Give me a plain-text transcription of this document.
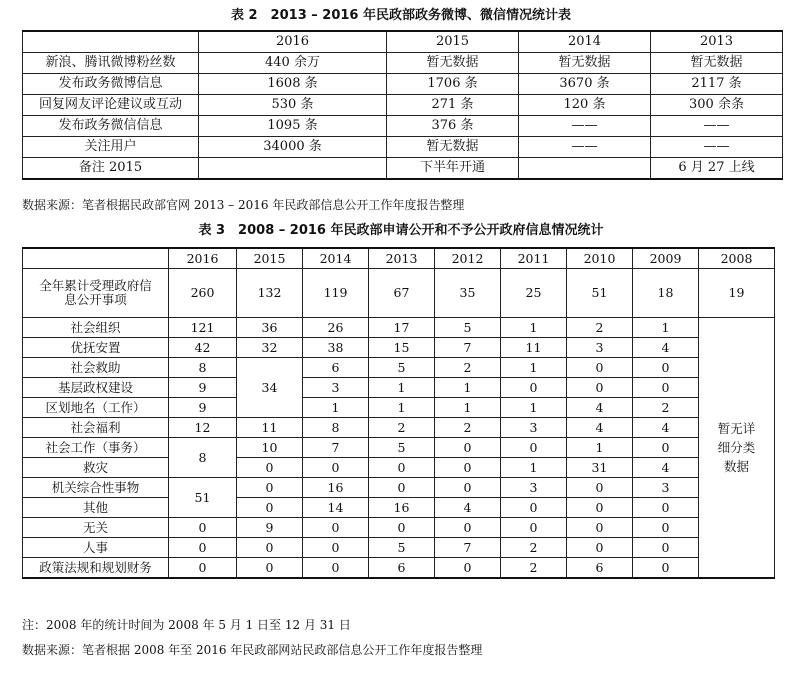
表 2　2013 – 2016 年民政部政务微博、微信情况统计表
	2016	2015	2014	2013
新浪、腾讯微博粉丝数	440 余万	暂无数据	暂无数据	暂无数据
发布政务微博信息	1608 条	1706 条	3670 条	2117 条
回复网友评论建议或互动	530 条	271 条	120 条	300 余条
发布政务微信信息	1095 条	376 条	——	——
关注用户	34000 条	暂无数据	——	——
备注 2015		下半年开通		6 月 27 上线
数据来源：笔者根据民政部官网 2013 – 2016 年民政部信息公开工作年度报告整理
表 3　2008 – 2016 年民政部申请公开和不予公开政府信息情况统计
	2016	2015	2014	2013	2012	2011	2010	2009	2008
全年累计受理政府信息公开事项	260	132	119	67	35	25	51	18	19
社会组织	121	36	26	17	5	1	2	1	暂无详细分类数据
优抚安置	42	32	38	15	7	11	3	4	
社会救助	8	34	6	5	2	1	0	0	
基层政权建设	9		3	1	1	0	0	0	
区划地名（工作）	9		1	1	1	1	4	2	
社会福利	12	11	8	2	2	3	4	4	
社会工作（事务）	8	10	7	5	0	0	1	0	
救灾		0	0	0	0	1	31	4	
机关综合性事物	51	0	16	0	0	3	0	3	
其他		0	14	16	4	0	0	0	
无关	0	9	0	0	0	0	0	0	
人事	0	0	0	5	7	2	0	0	
政策法规和规划财务	0	0	0	6	0	2	6	0	
注：2008 年的统计时间为 2008 年 5 月 1 日至 12 月 31 日
数据来源：笔者根据 2008 年至 2016 年民政部网站民政部信息公开工作年度报告整理
